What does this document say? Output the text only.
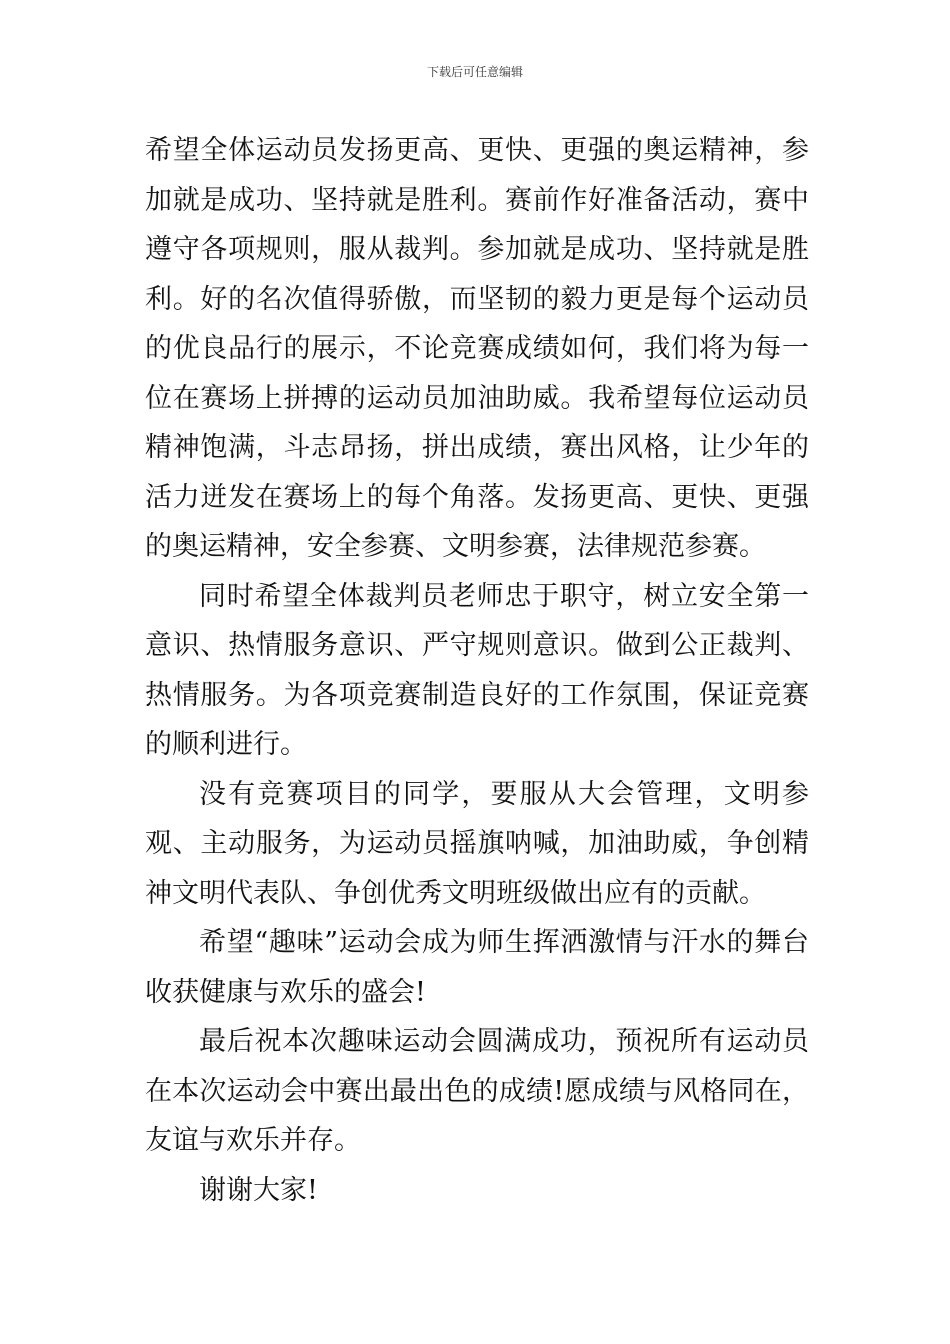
下载后可任意编辑

希望全体运动员发扬更高、更快、更强的奥运精神，参加就是成功、坚持就是胜利。赛前作好准备活动，赛中遵守各项规则，服从裁判。参加就是成功、坚持就是胜利。好的名次值得骄傲，而坚韧的毅力更是每个运动员的优良品行的展示，不论竞赛成绩如何，我们将为每一位在赛场上拼搏的运动员加油助威。我希望每位运动员精神饱满，斗志昂扬，拼出成绩，赛出风格，让少年的活力迸发在赛场上的每个角落。发扬更高、更快、更强的奥运精神，安全参赛、文明参赛，法律规范参赛。

同时希望全体裁判员老师忠于职守，树立安全第一意识、热情服务意识、严守规则意识。做到公正裁判、热情服务。为各项竞赛制造良好的工作氛围，保证竞赛的顺利进行。

没有竞赛项目的同学，要服从大会管理，文明参观、主动服务，为运动员摇旗呐喊，加油助威，争创精神文明代表队、争创优秀文明班级做出应有的贡献。

希望“趣味”运动会成为师生挥洒激情与汗水的舞台收获健康与欢乐的盛会!

最后祝本次趣味运动会圆满成功，预祝所有运动员在本次运动会中赛出最出色的成绩!愿成绩与风格同在，友谊与欢乐并存。

谢谢大家!
